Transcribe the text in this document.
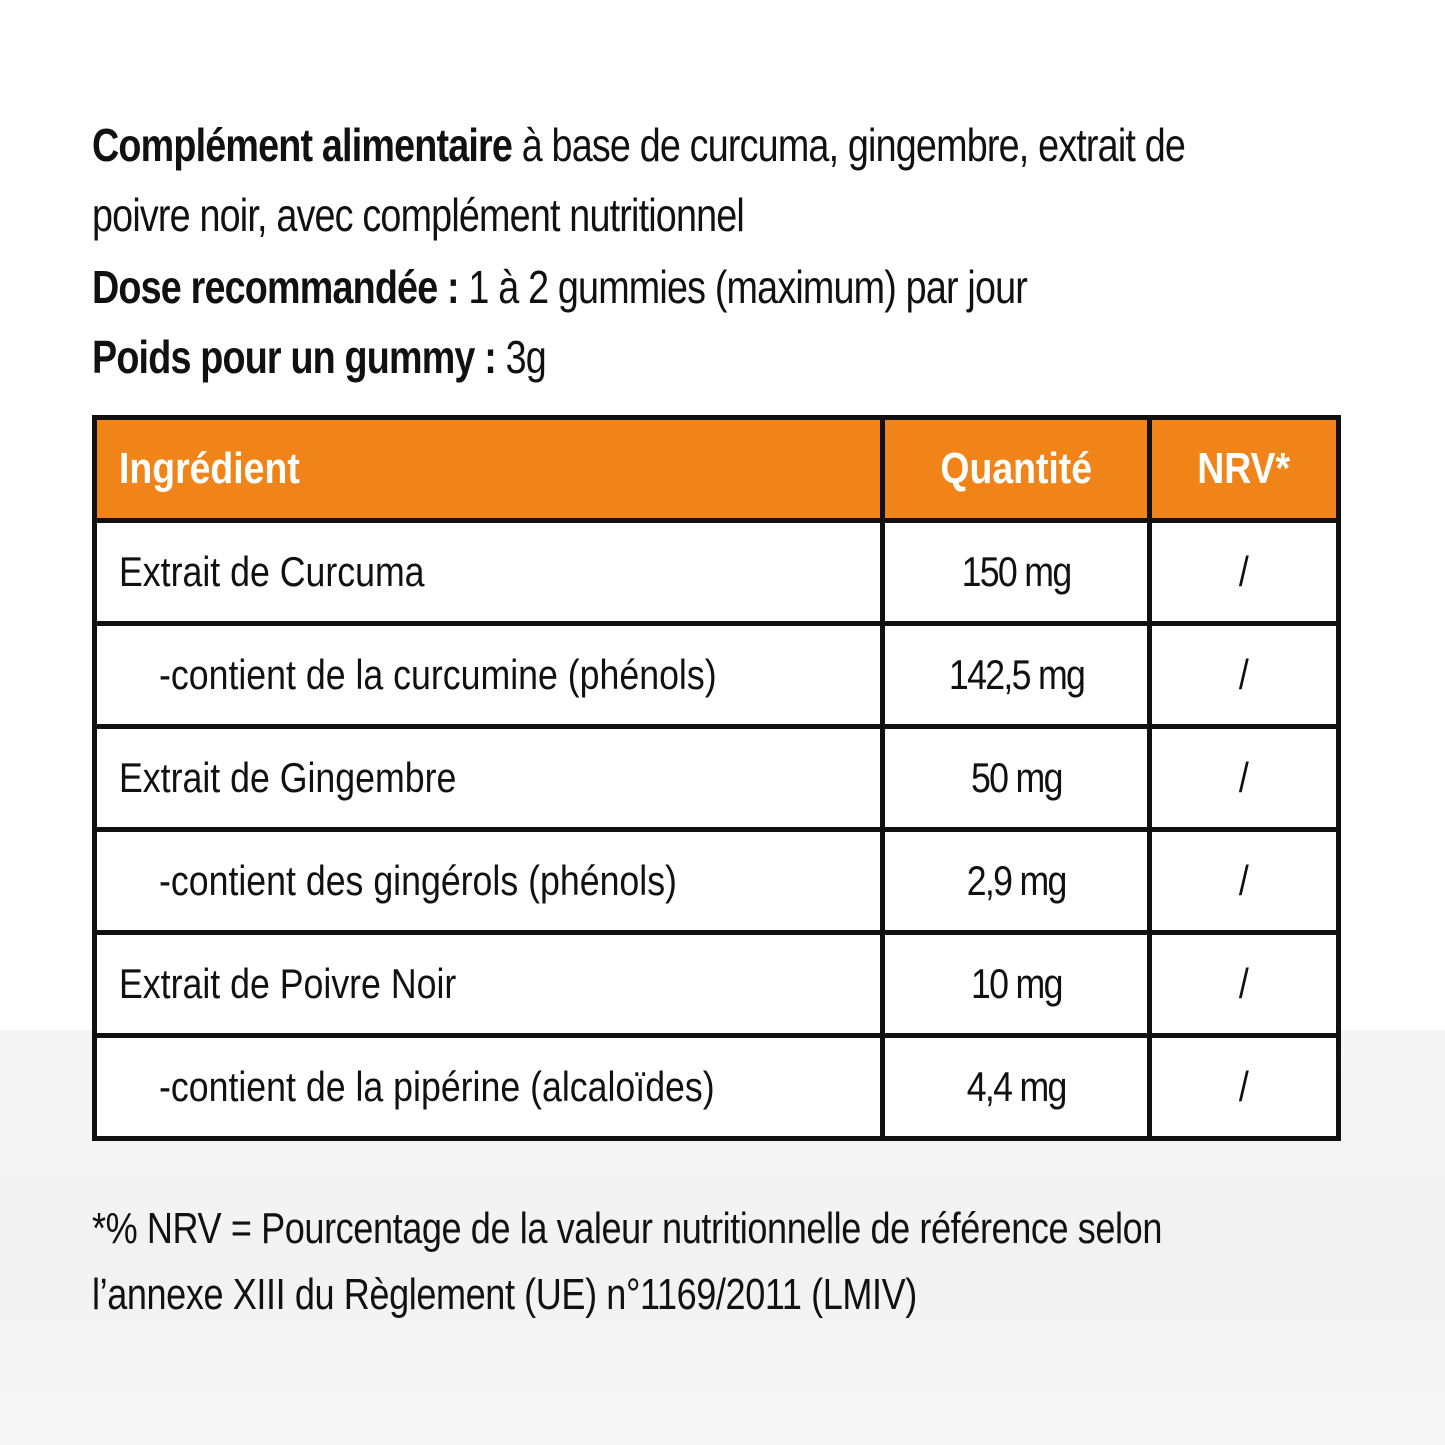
Complément alimentaire à base de curcuma, gingembre, extrait de
poivre noir, avec complément nutritionnel
Dose recommandée : 1 à 2 gummies (maximum) par jour
Poids pour un gummy : 3g
Ingrédient	Quantité	NRV*
Extrait de Curcuma	150 mg	/
-contient de la curcumine (phénols)	142,5 mg	/
Extrait de Gingembre	50 mg	/
-contient des gingérols (phénols)	2,9 mg	/
Extrait de Poivre Noir	10 mg	/
-contient de la pipérine (alcaloïdes)	4,4 mg	/
*% NRV = Pourcentage de la valeur nutritionnelle de référence selon
l’annexe XIII du Règlement (UE) n°1169/2011 (LMIV)
